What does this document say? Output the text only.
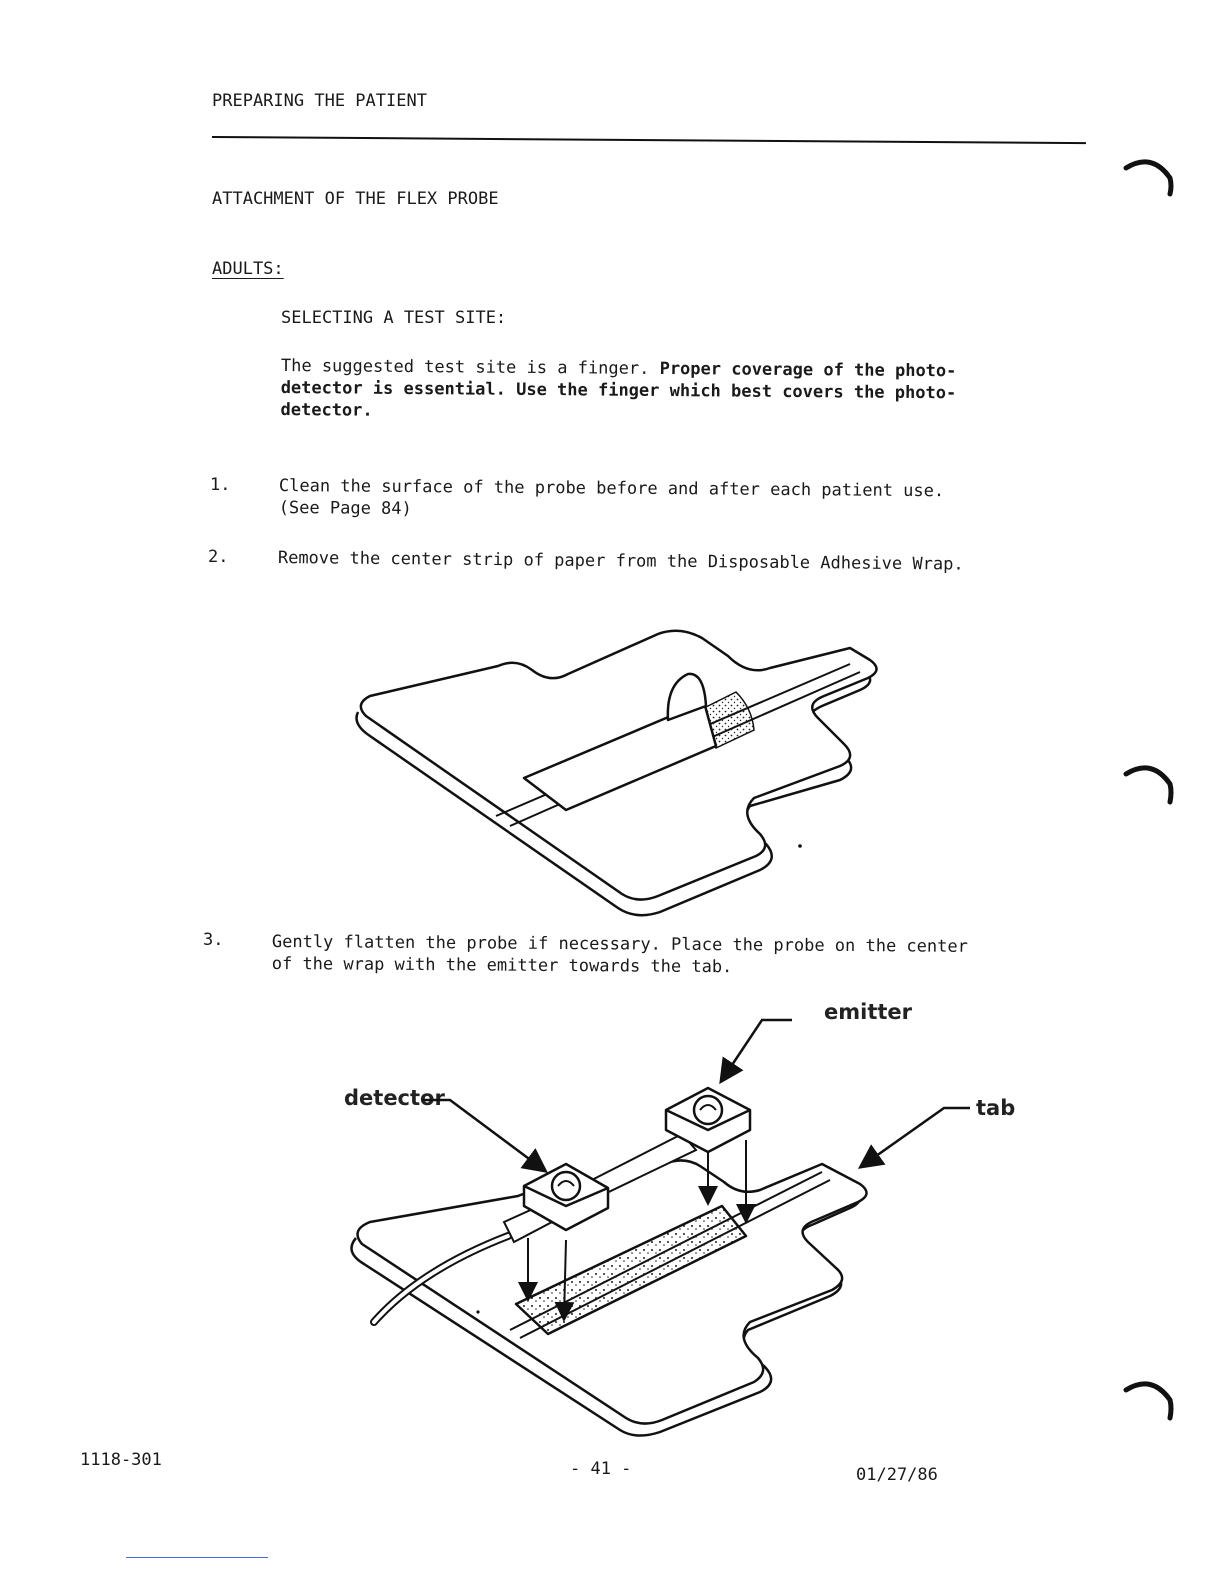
PREPARING THE PATIENT
ATTACHMENT OF THE FLEX PROBE
ADULTS:
SELECTING A TEST SITE:
The suggested test site is a finger. Proper coverage of the photo-
detector is essential. Use the finger which best covers the photo-
detector.
1.	Clean the surface of the probe before and after each patient use.
(See Page 84)
2.	Remove the center strip of paper from the Disposable Adhesive Wrap.
3.	Gently flatten the probe if necessary. Place the probe on the center
of the wrap with the emitter towards the tab.
emitter
detector	tab
1118-301	- 41 -	01/27/86
